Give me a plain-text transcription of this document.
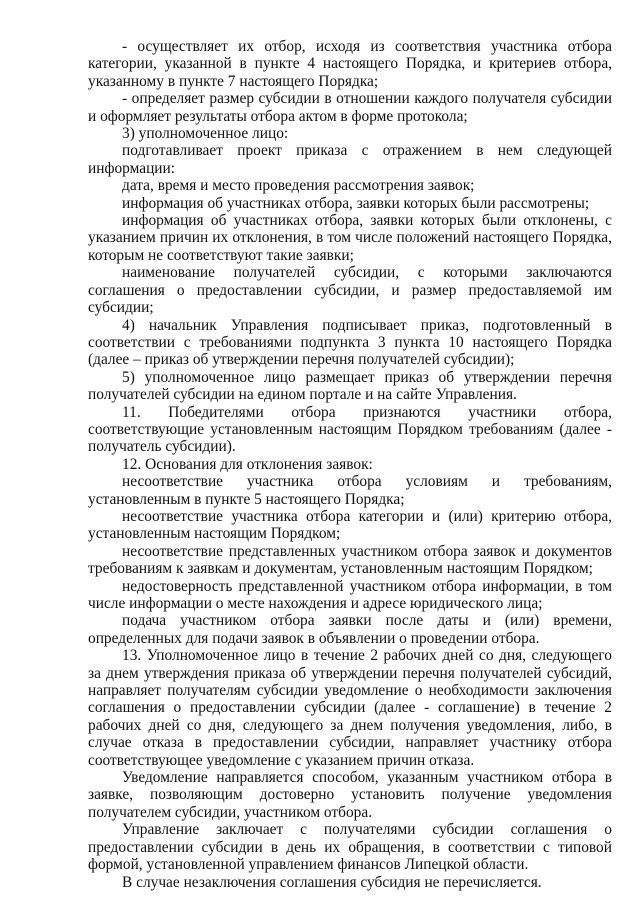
- осуществляет их отбор, исходя из соответствия участника отбора категории, указанной в пункте 4 настоящего Порядка, и критериев отбора, указанному в пункте 7 настоящего Порядка;

- определяет размер субсидии в отношении каждого получателя субсидии и оформляет результаты отбора актом в форме протокола;

3) уполномоченное лицо:

подготавливает проект приказа с отражением в нем следующей информации:

дата, время и место проведения рассмотрения заявок;

информация об участниках отбора, заявки которых были рассмотрены;

информация об участниках отбора, заявки которых были отклонены, с указанием причин их отклонения, в том числе положений настоящего Порядка, которым не соответствуют такие заявки;

наименование получателей субсидии, с которыми заключаются соглашения о предоставлении субсидии, и размер предоставляемой им субсидии;

4) начальник Управления подписывает приказ, подготовленный в соответствии с требованиями подпункта 3 пункта 10 настоящего Порядка (далее – приказ об утверждении перечня получателей субсидии);

5) уполномоченное лицо размещает приказ об утверждении перечня получателей субсидии на едином портале и на сайте Управления.

11. Победителями отбора признаются участники отбора, соответствующие установленным настоящим Порядком требованиям (далее - получатель субсидии).

12. Основания для отклонения заявок:

несоответствие участника отбора условиям и требованиям, установленным в пункте 5 настоящего Порядка;

несоответствие участника отбора категории и (или) критерию отбора, установленным настоящим Порядком;

несоответствие представленных участником отбора заявок и документов требованиям к заявкам и документам, установленным настоящим Порядком;

недостоверность представленной участником отбора информации, в том числе информации о месте нахождения и адресе юридического лица;

подача участником отбора заявки после даты и (или) времени, определенных для подачи заявок в объявлении о проведении отбора.

13. Уполномоченное лицо в течение 2 рабочих дней со дня, следующего за днем утверждения приказа об утверждении перечня получателей субсидий, направляет получателям субсидии уведомление о необходимости заключения соглашения о предоставлении субсидии (далее - соглашение) в течение 2 рабочих дней со дня, следующего за днем получения уведомления, либо, в случае отказа в предоставлении субсидии, направляет участнику отбора соответствующее уведомление с указанием причин отказа.

Уведомление направляется способом, указанным участником отбора в заявке, позволяющим достоверно установить получение уведомления получателем субсидии, участником отбора.

Управление заключает с получателями субсидии соглашения о предоставлении субсидии в день их обращения, в соответствии с типовой формой, установленной управлением финансов Липецкой области.

В случае незаключения соглашения субсидия не перечисляется.
